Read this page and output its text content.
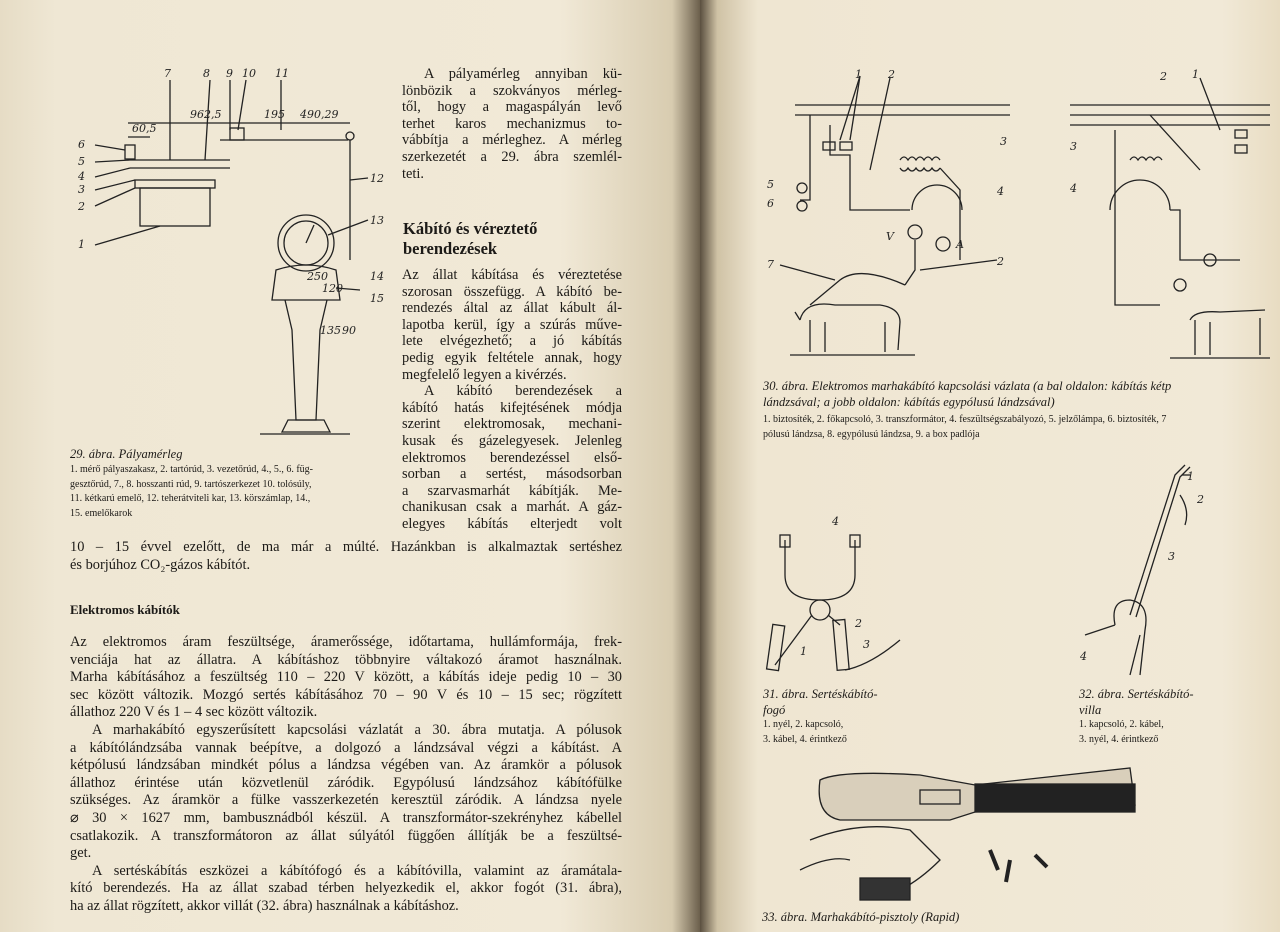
7	8 9 10 11
6
5
4
3
2
1
12
13
14
15
962,5
60,5
195 490,29
250
120
135 90
29. ábra. Pályamérleg
1. mérő pályaszakasz, 2. tartórúd, 3. vezetőrúd, 4., 5., 6. füg-
gesztőrúd, 7., 8. hosszanti rúd, 9. tartószerkezet 10. tolósúly,
11. kétkarú emelő, 12. teherátviteli kar, 13. körszámlap, 14.,
15. emelőkarok
A pályamérleg annyiban kü-
lönbözik a szokványos mérleg-
től, hogy a magaspályán levő
terhet karos mechanizmus to-
vábbítja a mérleghez. A mérleg
szerkezetét a 29. ábra szemlél-
teti.
Kábító és véreztető
berendezések
Az állat kábítása és véreztetése
szorosan összefügg. A kábító be-
rendezés által az állat kábult ál-
lapotba kerül, így a szúrás műve-
lete elvégezhető; a jó kábítás
pedig egyik feltétele annak, hogy
megfelelő legyen a kivérzés.
A kábító berendezések a
kábító hatás kifejtésének módja
szerint elektromosak, mechani-
kusak és gázelegyesek. Jelenleg
elektromos berendezéssel első-
sorban a sertést, másodsorban
a szarvasmarhát kábítják. Me-
chanikusan csak a marhát. A gáz-
elegyes kábítás elterjedt volt
10 – 15 évvel ezelőtt, de ma már a múlté. Hazánkban is alkalmaztak sertéshez
és borjúhoz CO₂-gázos kábítót.
Elektromos kábítók
Az elektromos áram feszültsége, áramerőssége, időtartama, hullámformája, frek-
venciája hat az állatra. A kábításhoz többnyire váltakozó áramot használnak.
Marha kábításához a feszültség 110 – 220 V között, a kábítás ideje pedig 10 – 30
sec között változik. Mozgó sertés kábításához 70 – 90 V és 10 – 15 sec; rögzített
állathoz 220 V és 1 – 4 sec között változik.
A marhakábító egyszerűsített kapcsolási vázlatát a 30. ábra mutatja. A pólusok
a kábítólándzsába vannak beépítve, a dolgozó a lándzsával végzi a kábítást. A
kétpólusú lándzsában mindkét pólus a lándzsa végében van. Az áramkör a pólusok
állathoz érintése után közvetlenül záródik. Egypólusú lándzsához kábítófülke
szükséges. Az áramkör a fülke vasszerkezetén keresztül záródik. A lándzsa nyele
⌀ 30 × 1627 mm, bambusznádból készül. A transzformátor-szekrényhez kábellel
csatlakozik. A transzformátoron az állat súlyától függően állítják be a feszültsé-
get.
A sertéskábítás eszközei a kábítófogó és a kábítóvilla, valamint az áramátala-
kító berendezés. Ha az állat szabad térben helyezkedik el, akkor fogót (31. ábra),
ha az állat rögzített, akkor villát (32. ábra) használnak a kábításhoz.
1 2
3
4
5
6
7	2
V
A
2 1
3
4
30. ábra. Elektromos marhakábító kapcsolási vázlata (a bal oldalon: kábítás kétp
lándzsával; a jobb oldalon: kábítás egypólusú lándzsával)
1. biztosíték, 2. főkapcsoló, 3. transzformátor, 4. feszültségszabályozó, 5. jelzőlámpa, 6. biztosíték, 7
pólusú lándzsa, 8. egypólusú lándzsa, 9. a box padlója
4
2
1
3
31. ábra. Sertéskábító-
fogó
1. nyél, 2. kapcsoló,
3. kábel, 4. érintkező
1
2
3
4
32. ábra. Sertéskábító-
villa
1. kapcsoló, 2. kábel,
3. nyél, 4. érintkező
33. ábra. Marhakábító-pisztoly (Rapid)
